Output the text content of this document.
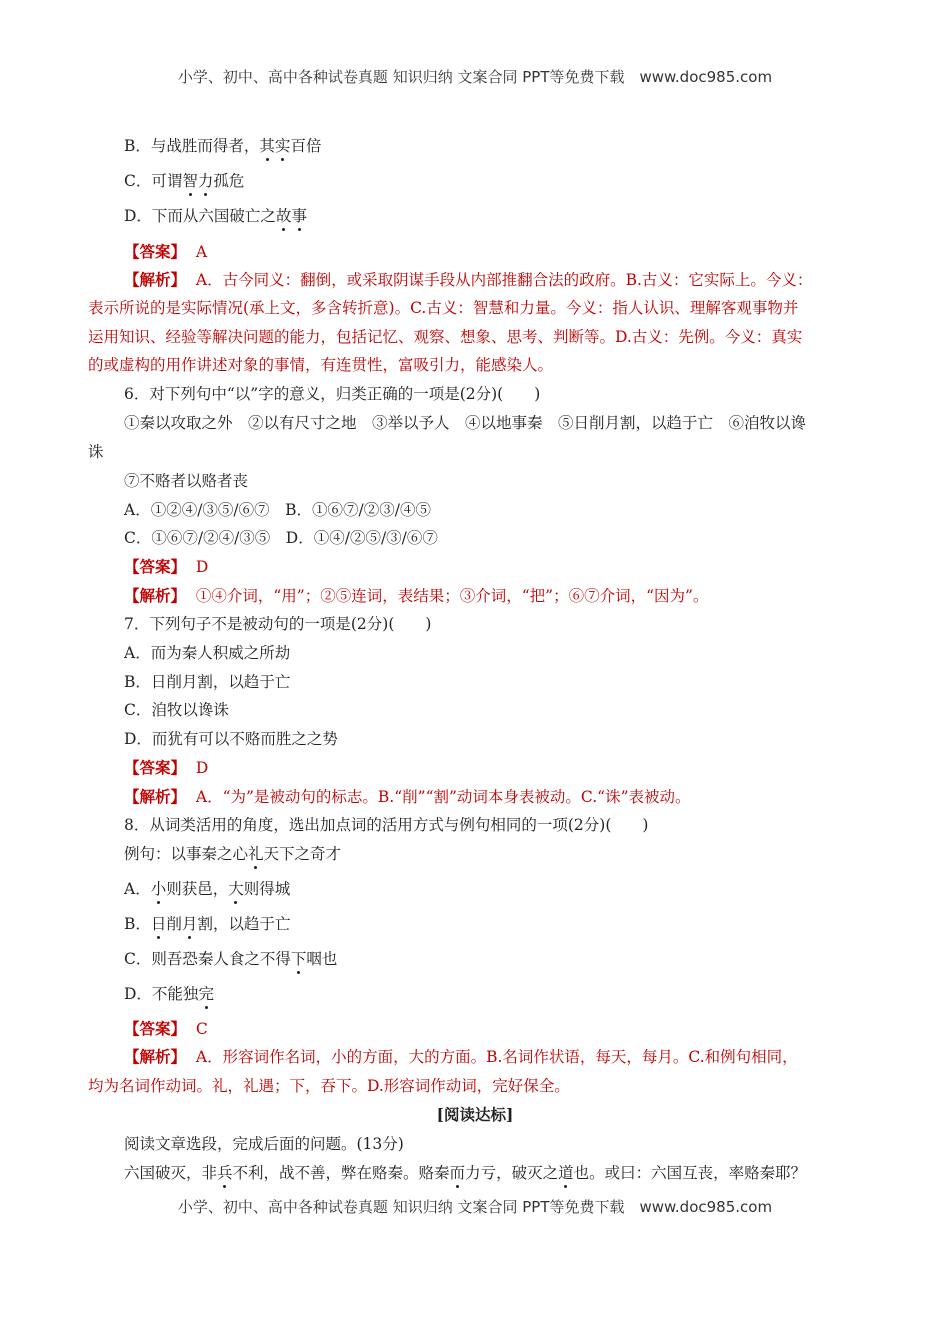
小学、初中、高中各种试卷真题 知识归纳 文案合同 PPT等免费下载　www.doc985.com
B．与战胜而得者，其实百倍
C．可谓智力孤危
D．下而从六国破亡之故事
【答案】 A
【解析】 A．古今同义：翻倒，或采取阴谋手段从内部推翻合法的政府。B.古义：它实际上。今义：
表示所说的是实际情况(承上文，多含转折意)。C.古义：智慧和力量。今义：指人认识、理解客观事物并
运用知识、经验等解决问题的能力，包括记忆、观察、想象、思考、判断等。D.古义：先例。今义：真实
的或虚构的用作讲述对象的事情，有连贯性，富吸引力，能感染人。
6．对下列句中“以”字的意义，归类正确的一项是(2分)(　　)
①秦以攻取之外　②以有尺寸之地　③举以予人　④以地事秦　⑤日削月割，以趋于亡　⑥洎牧以谗
诛
⑦不赂者以赂者丧
A．①②④/③⑤/⑥⑦　B．①⑥⑦/②③/④⑤
C．①⑥⑦/②④/③⑤　D．①④/②⑤/③/⑥⑦
【答案】 D
【解析】 ①④介词，“用”；②⑤连词，表结果；③介词，“把”；⑥⑦介词，“因为”。
7．下列句子不是被动句的一项是(2分)(　　)
A．而为秦人积威之所劫
B．日削月割，以趋于亡
C．洎牧以谗诛
D．而犹有可以不赂而胜之之势
【答案】 D
【解析】 A．“为”是被动句的标志。B.“削”“割”动词本身表被动。C.“诛”表被动。
8．从词类活用的角度，选出加点词的活用方式与例句相同的一项(2分)(　　)
例句：以事秦之心礼天下之奇才
A．小则获邑，大则得城
B．日削月割，以趋于亡
C．则吾恐秦人食之不得下咽也
D．不能独完
【答案】 C
【解析】 A．形容词作名词，小的方面，大的方面。B.名词作状语，每天，每月。C.和例句相同，
均为名词作动词。礼，礼遇；下，吞下。D.形容词作动词，完好保全。
[阅读达标]
阅读文章选段，完成后面的问题。(13分)
六国破灭，非兵不利，战不善，弊在赂秦。赂秦而力亏，破灭之道也。或曰：六国互丧，率赂秦耶？
小学、初中、高中各种试卷真题 知识归纳 文案合同 PPT等免费下载　www.doc985.com
